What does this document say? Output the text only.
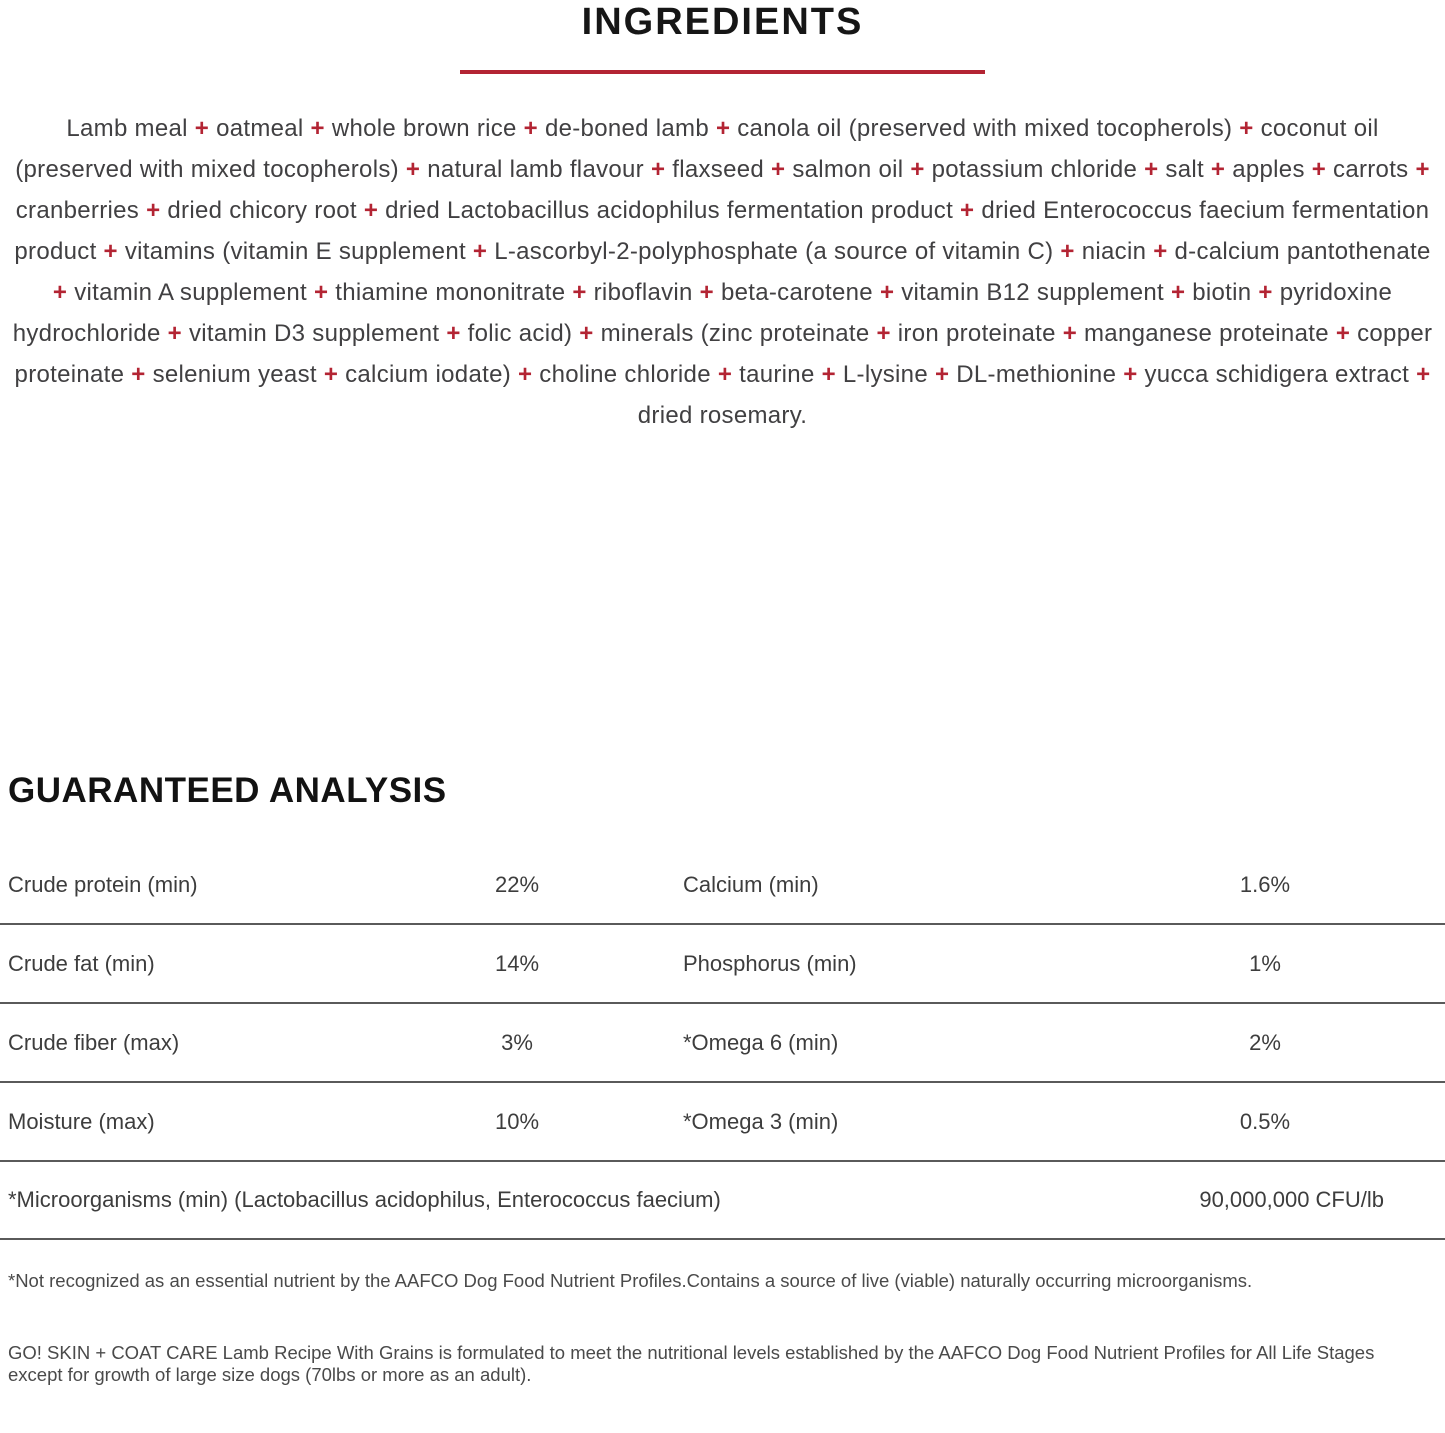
INGREDIENTS

Lamb meal + oatmeal + whole brown rice + de-boned lamb + canola oil (preserved with mixed tocopherols) + coconut oil (preserved with mixed tocopherols) + natural lamb flavour + flaxseed + salmon oil + potassium chloride + salt + apples + carrots + cranberries + dried chicory root + dried Lactobacillus acidophilus fermentation product + dried Enterococcus faecium fermentation product + vitamins (vitamin E supplement + L-ascorbyl-2-polyphosphate (a source of vitamin C) + niacin + d-calcium pantothenate + vitamin A supplement + thiamine mononitrate + riboflavin + beta-carotene + vitamin B12 supplement + biotin + pyridoxine hydrochloride + vitamin D3 supplement + folic acid) + minerals (zinc proteinate + iron proteinate + manganese proteinate + copper proteinate + selenium yeast + calcium iodate) + choline chloride + taurine + L-lysine + DL-methionine + yucca schidigera extract + dried rosemary.

GUARANTEED ANALYSIS
Crude protein (min)	22%	Calcium (min)	1.6%
Crude fat (min)	14%	Phosphorus (min)	1%
Crude fiber (max)	3%	*Omega 6 (min)	2%
Moisture (max)	10%	*Omega 3 (min)	0.5%
*Microorganisms (min) (Lactobacillus acidophilus, Enterococcus faecium)	90,000,000 CFU/lb

*Not recognized as an essential nutrient by the AAFCO Dog Food Nutrient Profiles.Contains a source of live (viable) naturally occurring microorganisms.

GO! SKIN + COAT CARE Lamb Recipe With Grains is formulated to meet the nutritional levels established by the AAFCO Dog Food Nutrient Profiles for All Life Stages except for growth of large size dogs (70lbs or more as an adult).
